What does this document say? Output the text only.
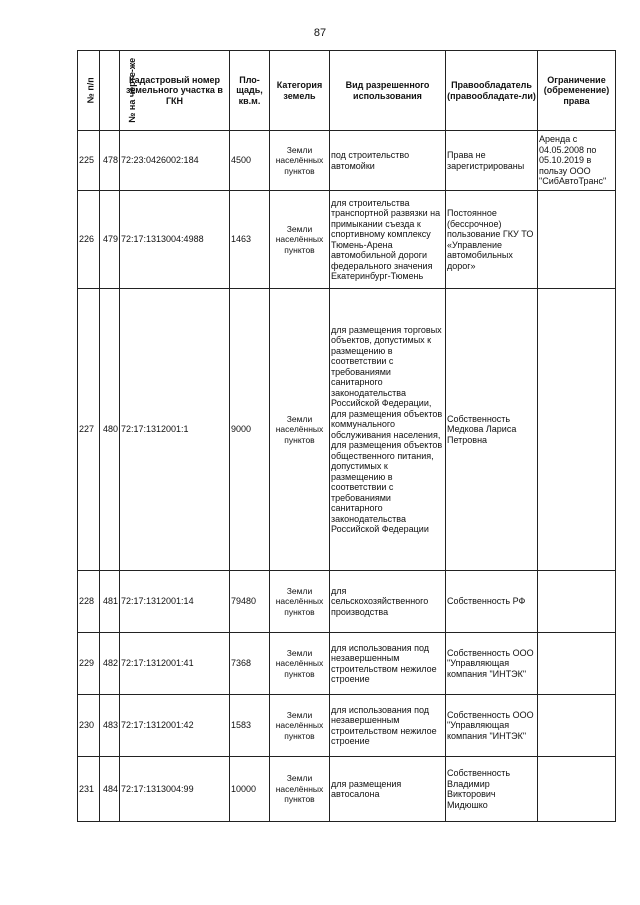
87
№ п/п	№ на черте-же	Кадастровый номер земельного участка в ГКН	Пло-щадь, кв.м.	Категория земель	Вид разрешенного использования	Правообладатель (правообладате-ли)	Ограничение (обременение) права
225	478	72:23:0426002:184	4500	Земли населённых пунктов	под строительство автомойки	Права не зарегистрированы	Аренда с 04.05.2008 по 05.10.2019 в пользу ООО "СибАвтоТранс"
226	479	72:17:1313004:4988	1463	Земли населённых пунктов	для строительства транспортной развязки на примыкании съезда к спортивному комплексу Тюмень-Арена автомобильной дороги федерального значения Екатеринбург-Тюмень	Постоянное (бессрочное) пользование ГКУ ТО «Управление автомобильных дорог»	
227	480	72:17:1312001:1	9000	Земли населённых пунктов	для размещения торговых объектов, допустимых к размещению в соответствии с требованиями санитарного законодательства Российской Федерации, для размещения объектов коммунального обслуживания населения, для размещения объектов общественного питания, допустимых к размещению в соответствии с требованиями санитарного законодательства Российской Федерации	Собственность Медкова Лариса Петровна	
228	481	72:17:1312001:14	79480	Земли населённых пунктов	для сельскохозяйственного производства	Собственность РФ	
229	482	72:17:1312001:41	7368	Земли населённых пунктов	для использования под незавершенным строительством нежилое строение	Собственность ООО "Управляющая компания "ИНТЭК"	
230	483	72:17:1312001:42	1583	Земли населённых пунктов	для использования под незавершенным строительством нежилое строение	Собственность ООО "Управляющая компания "ИНТЭК"	
231	484	72:17:1313004:99	10000	Земли населённых пунктов	для размещения автосалона	Собственность Владимир Викторович Мидюшко	
